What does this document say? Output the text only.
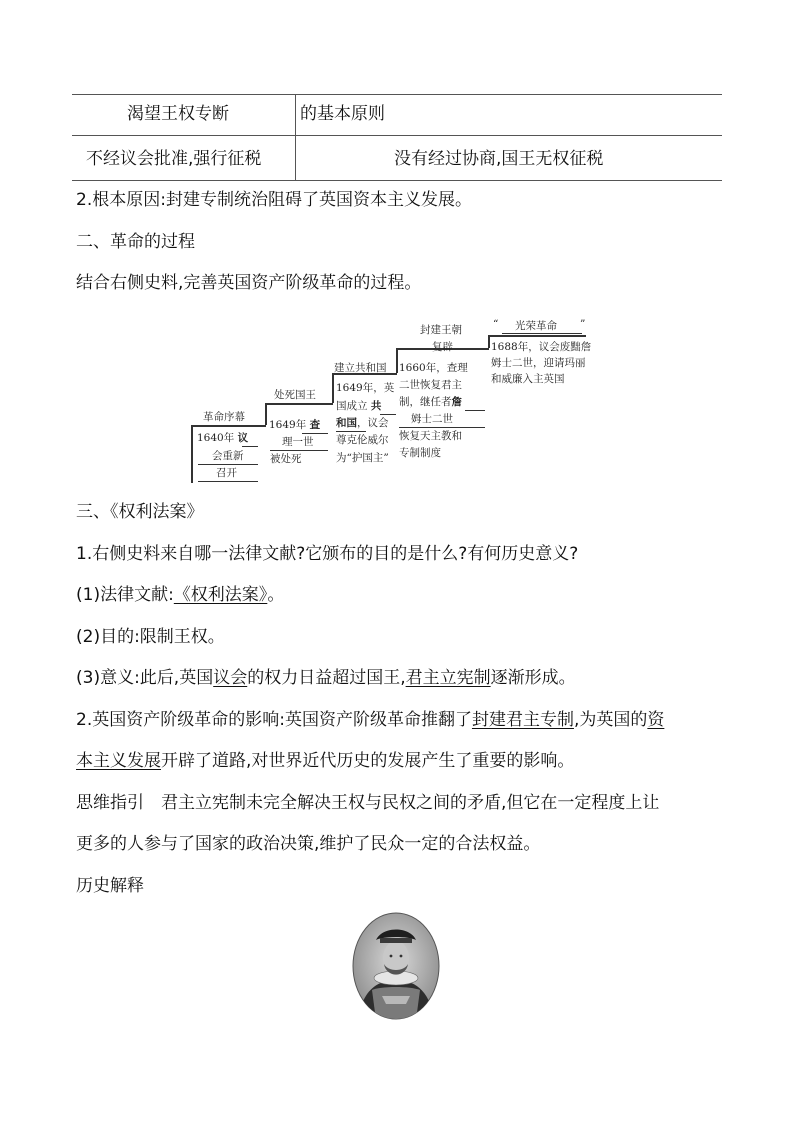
渴望王权专断	的基本原则
不经议会批准,强行征税	没有经过协商,国王无权征税
2.根本原因:封建专制统治阻碍了英国资本主义发展。
二、革命的过程
结合右侧史料,完善英国资产阶级革命的过程。
革命序幕
1640年 议
会重新
召开
处死国王
1649年 查
理一世
被处死
建立共和国
1649年，英
国成立 共
和国，议会
尊克伦威尔
为“护国主”
封建王朝
复辟
1660年，查理
二世恢复君主
制，继任者詹
姆士二世
恢复天主教和
专制制度
“ 光荣革命 ”
1688年，议会废黜詹
姆士二世，迎请玛丽
和威廉入主英国
三、《权利法案》
1.右侧史料来自哪一法律文献?它颁布的目的是什么?有何历史意义?
(1)法律文献:《权利法案》。
(2)目的:限制王权。
(3)意义:此后,英国议会的权力日益超过国王,君主立宪制逐渐形成。
2.英国资产阶级革命的影响:英国资产阶级革命推翻了封建君主专制,为英国的资
本主义发展开辟了道路,对世界近代历史的发展产生了重要的影响。
思维指引　君主立宪制未完全解决王权与民权之间的矛盾,但它在一定程度上让
更多的人参与了国家的政治决策,维护了民众一定的合法权益。
历史解释
